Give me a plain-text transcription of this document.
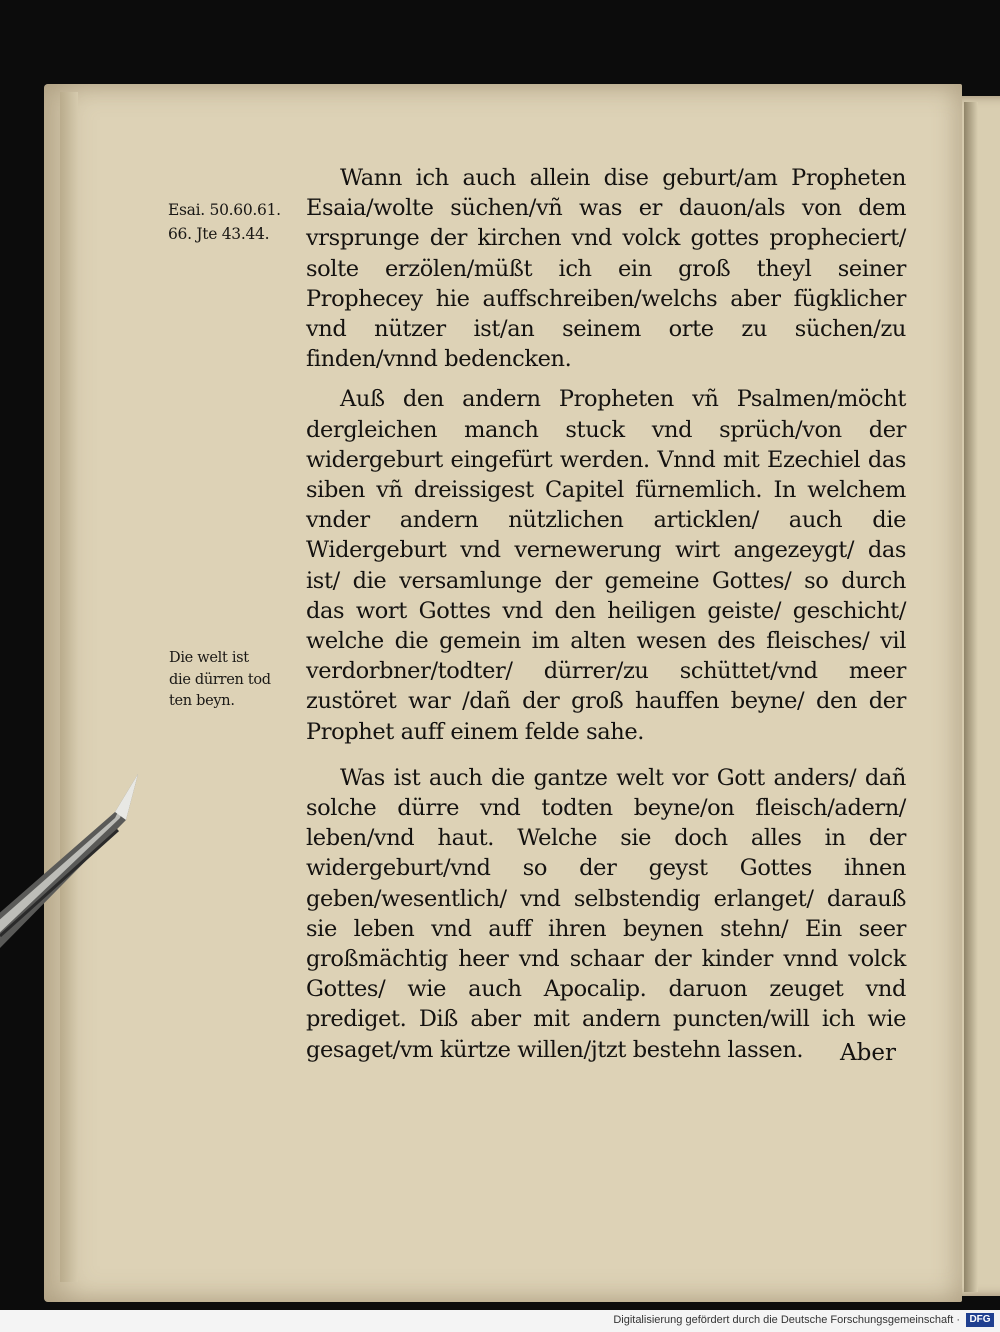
Esai. 50.60.61.
66. Jte 43.44.
Die welt ist
die dürren tod
ten beyn.

Wann ich auch allein dise geburt/am Propheten Esaia/wolte süchen/vñ was er dauon/als von dem vrsprunge der kirchen vnd volck gottes propheciert/ solte erzölen/müßt ich ein groß theyl seiner Prophecey hie auffschreiben/welchs aber fügklicher vnd nützer ist/an seinem orte zu süchen/zu finden/vnnd bedencken.

Auß den andern Propheten vñ Psalmen/möcht dergleichen manch stuck vnd sprüch/von der widergeburt eingefürt werden. Vnnd mit Ezechiel das siben vñ dreissigest Capitel fürnemlich. In welchem vnder andern nützlichen articklen/ auch die Widergeburt vnd vernewerung wirt angezeygt/ das ist/ die versamlunge der gemeine Gottes/ so durch das wort Gottes vnd den heiligen geiste/ geschicht/ welche die gemein im alten wesen des fleisches/ vil verdorbner/todter/ dürrer/zu schüttet/vnd meer zustöret war /dañ der groß hauffen beyne/ den der Prophet auff einem felde sahe.

Was ist auch die gantze welt vor Gott anders/ dañ solche dürre vnd todten beyne/on fleisch/adern/ leben/vnd haut. Welche sie doch alles in der widergeburt/vnd so der geyst Gottes ihnen geben/wesentlich/ vnd selbstendig erlanget/ darauß sie leben vnd auff ihren beynen stehn/ Ein seer großmächtig heer vnd schaar der kinder vnnd volck Gottes/ wie auch Apocalip. daruon zeuget vnd prediget. Diß aber mit andern puncten/will ich wie gesaget/vm kürtze willen/jtzt bestehn lassen.	Aber
Digitalisierung gefördert durch die Deutsche Forschungsgemeinschaft · DFG
